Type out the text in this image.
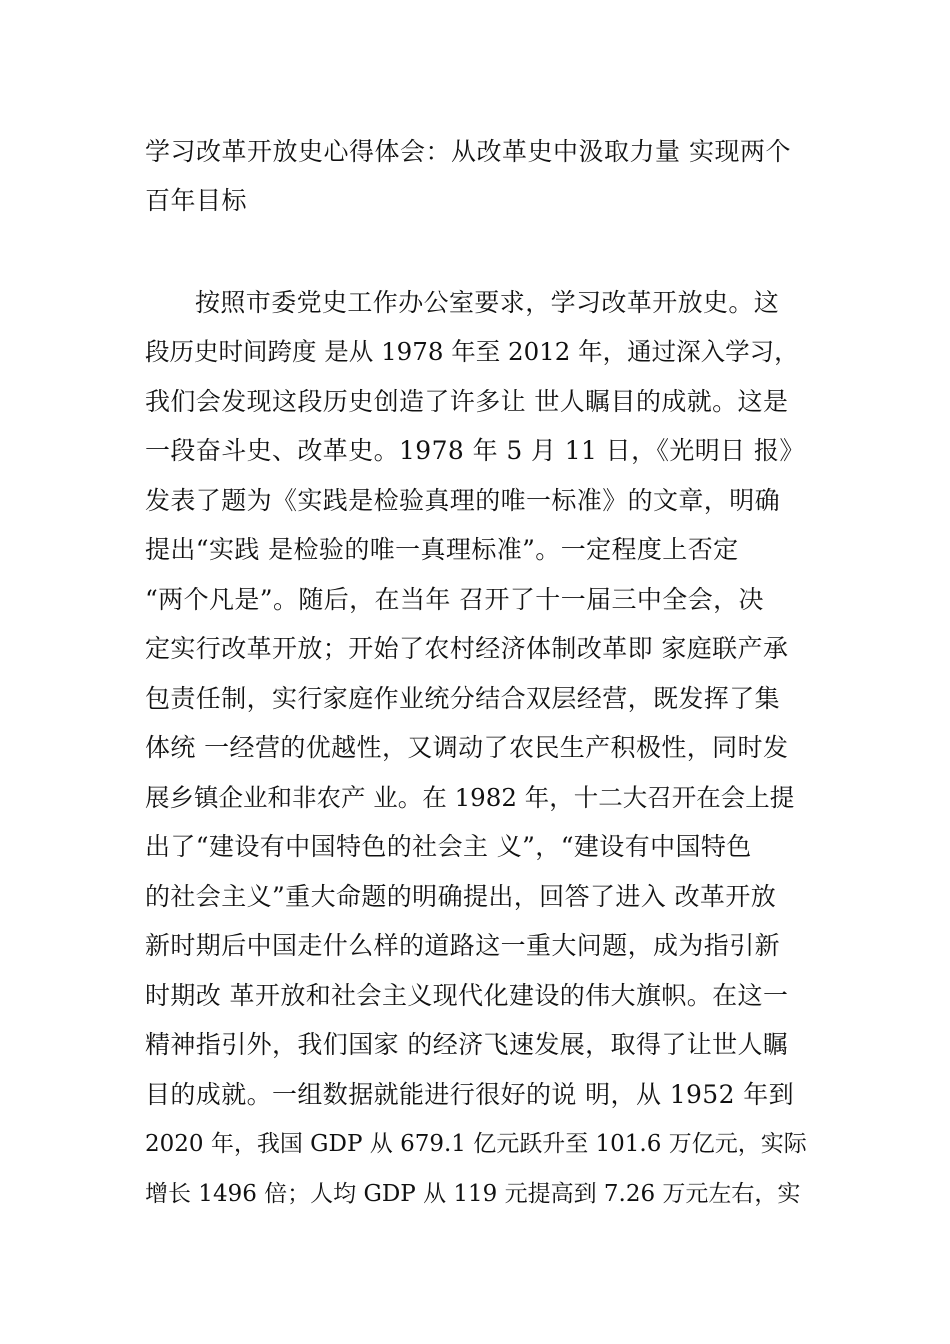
学习改革开放史心得体会：从改革史中汲取力量 实现两个
百年目标
按照市委党史工作办公室要求，学习改革开放史。这
段历史时间跨度 是从 1978 年至 2012 年，通过深入学习，
我们会发现这段历史创造了许多让 世人瞩目的成就。这是
一段奋斗史、改革史。1978 年 5 月 11 日，《光明日 报》
发表了题为《实践是检验真理的唯一标准》的文章，明确
提出“实践 是检验的唯一真理标准”。一定程度上否定
“两个凡是”。随后，在当年 召开了十一届三中全会，决
定实行改革开放；开始了农村经济体制改革即 家庭联产承
包责任制，实行家庭作业统分结合双层经营，既发挥了集
体统 一经营的优越性，又调动了农民生产积极性，同时发
展乡镇企业和非农产 业。在 1982 年，十二大召开在会上提
出了“建设有中国特色的社会主 义”，“建设有中国特色
的社会主义”重大命题的明确提出，回答了进入 改革开放
新时期后中国走什么样的道路这一重大问题，成为指引新
时期改 革开放和社会主义现代化建设的伟大旗帜。在这一
精神指引外，我们国家 的经济飞速发展，取得了让世人瞩
目的成就。一组数据就能进行很好的说 明，从 1952 年到
2020 年，我国 GDP 从 679.1 亿元跃升至 101.6 万亿元，实际
增长 1496 倍；人均 GDP 从 119 元提高到 7.26 万元左右，实
